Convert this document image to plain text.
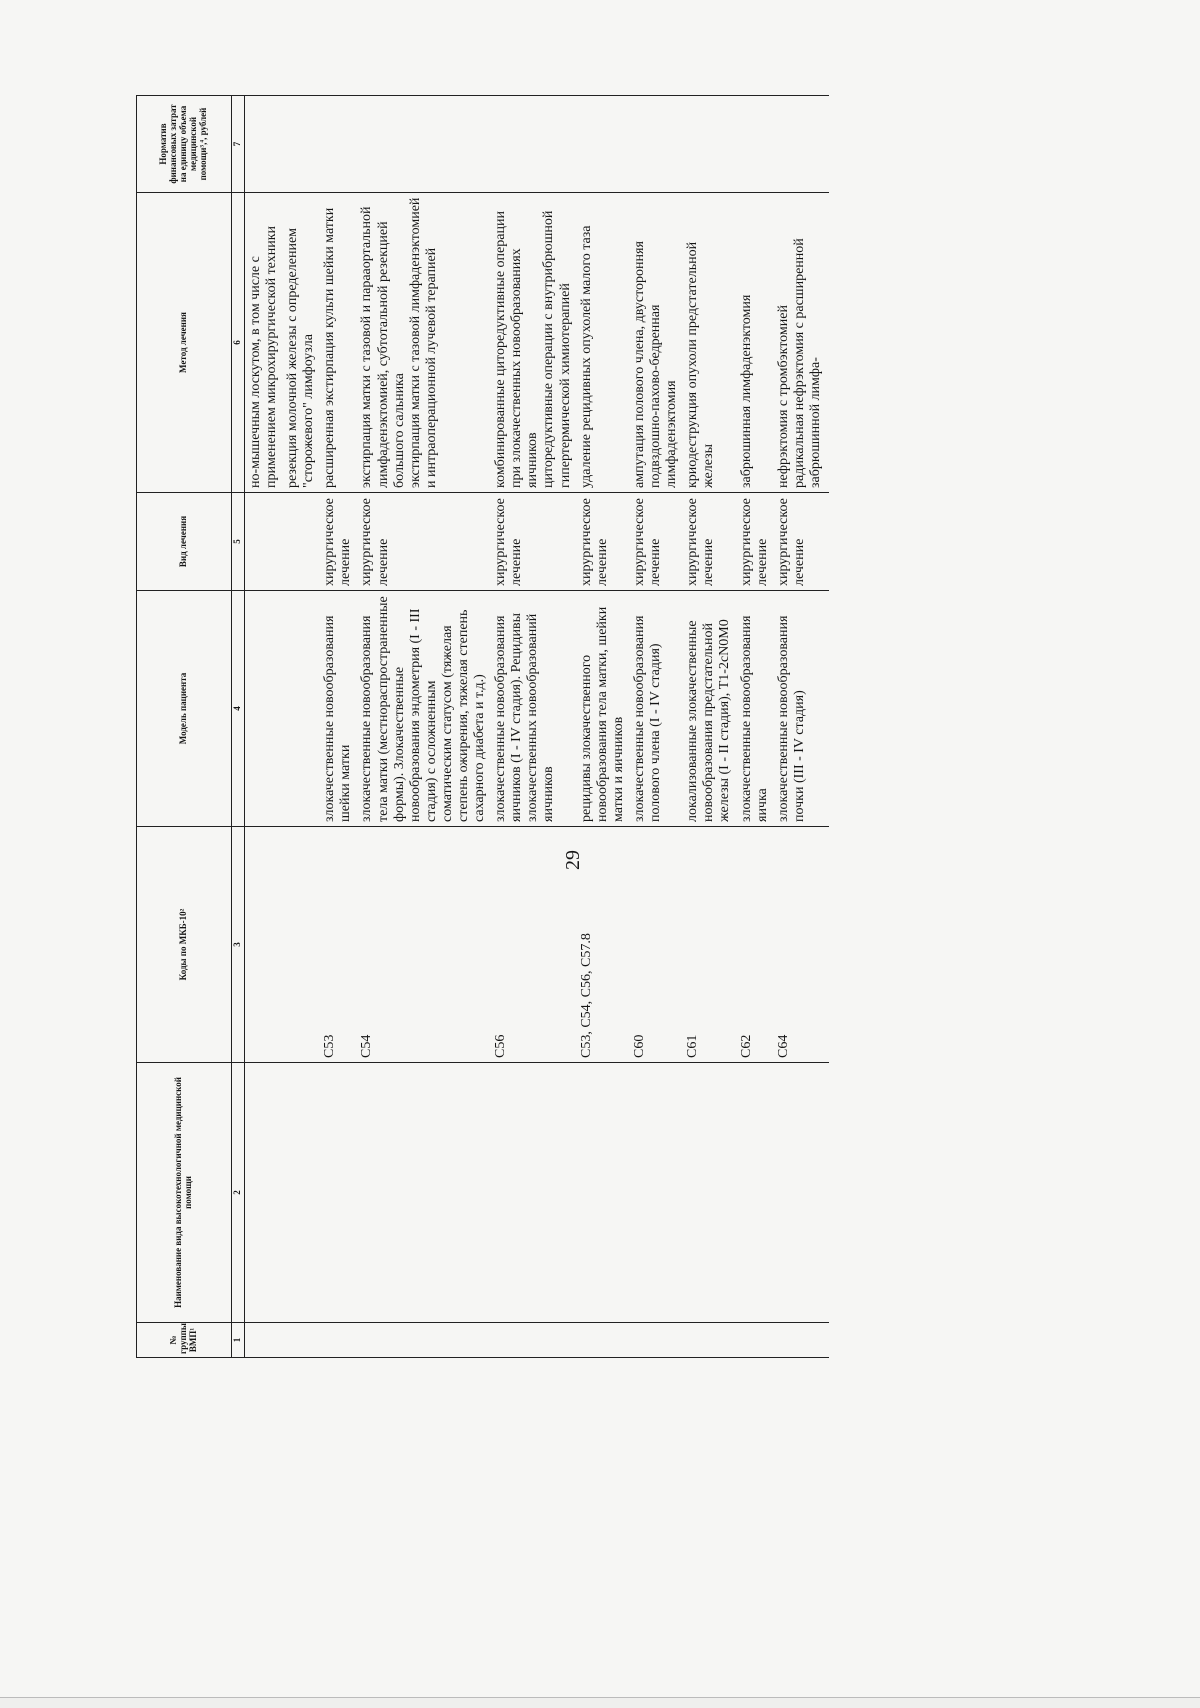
29
№ группы ВМП¹	Наименование вида высокотехнологичной медицинской помощи	Коды по МКБ-10²	Модель пациента	Вид лечения	Метод лечения	Норматив финансовых затрат на единицу объема медицинской помощи³,⁴, рублей
1	2	3	4	5	6	7
					но-мышечным лоскутом, в том числе с применением микрохирургической техники	
					резекция молочной железы с определением "сторожевого" лимфоузла	
		C53	злокачественные новообразования шейки матки	хирургическое лечение	расширенная экстирпация культи шейки матки	
		C54	злокачественные новообразования тела матки (местнораспространенные формы). Злокачественные новообразования эндометрия (I - III стадия) с осложненным соматическим статусом (тяжелая степень ожирения, тяжелая степень сахарного диабета и т.д.)	хирургическое лечение	экстирпация матки с тазовой и парааортальной лимфаденэктомией, субтотальной резекцией большого сальника
экстирпация матки с тазовой лимфаденэктомией и интраоперационной лучевой терапией	
		C56	злокачественные новообразования яичников (I - IV стадия). Рецидивы злокачественных новообразований яичников	хирургическое лечение	комбинированные циторедуктивные операции при злокачественных новообразованиях яичников
циторедуктивные операции с внутрибрюшной гипертермической химиотерапией	
		C53, C54, C56, C57.8	рецидивы злокачественного новообразования тела матки, шейки матки и яичников	хирургическое лечение	удаление рецидивных опухолей малого таза	
		C60	злокачественные новообразования полового члена (I - IV стадия)	хирургическое лечение	ампутация полового члена, двусторонняя подвздошно-пахово-бедренная лимфаденэктомия	
		C61	локализованные злокачественные новообразования предстательной железы (I - II стадия), T1-2cN0M0	хирургическое лечение	криодеструкция опухоли предстательной железы	
		C62	злокачественные новообразования яичка	хирургическое лечение	забрюшинная лимфаденэктомия	
		C64	злокачественные новообразования почки (III - IV стадия)	хирургическое лечение	нефрэктомия с тромбэктомией
радикальная нефрэктомия с расширенной забрюшинной лимфа-	
